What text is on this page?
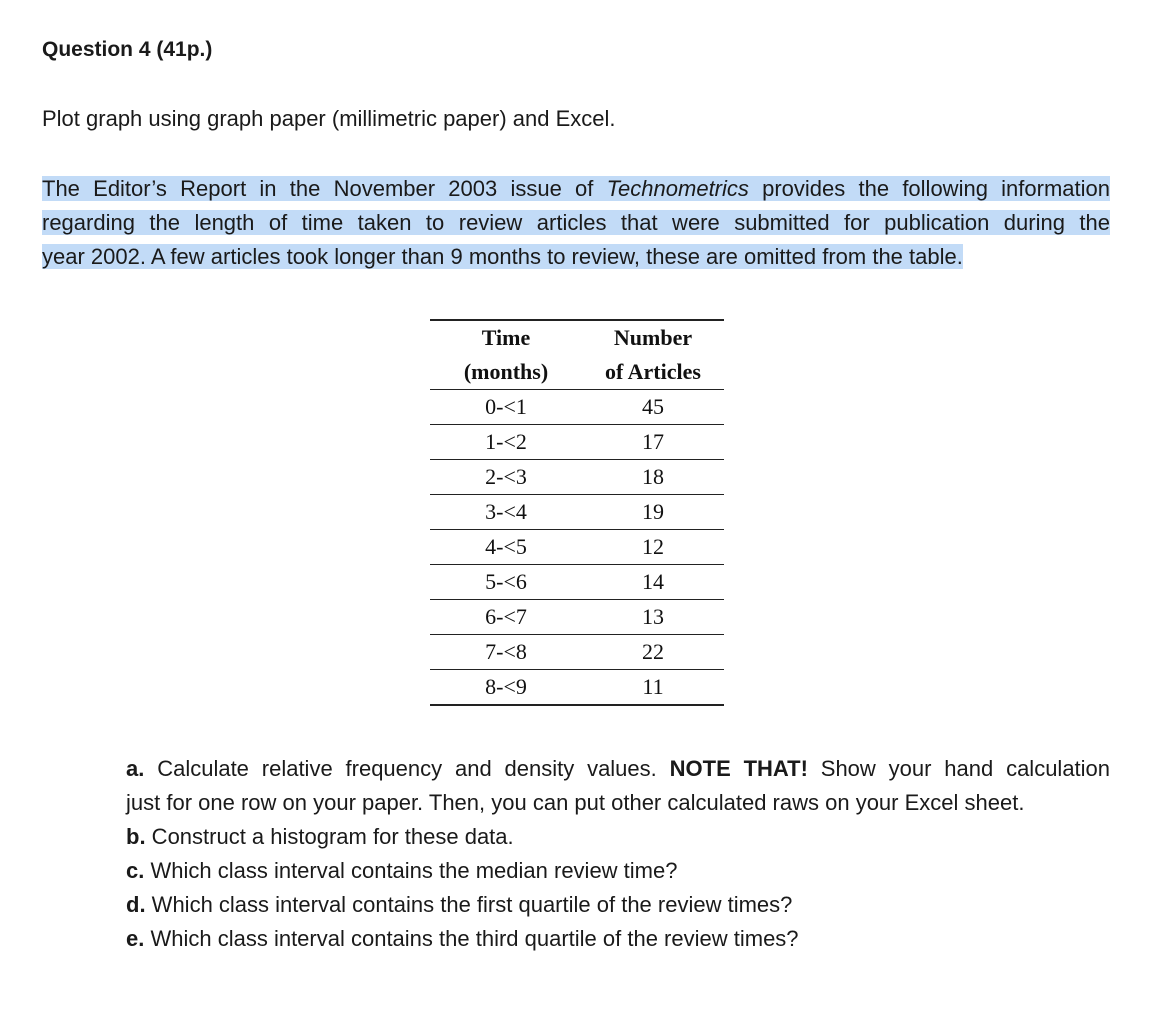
Question 4 (41p.)

Plot graph using graph paper (millimetric paper) and Excel.

The Editor’s Report in the November 2003 issue of Technometrics provides the following information
regarding the length of time taken to review articles that were submitted for publication during the
year 2002. A few articles took longer than 9 months to review, these are omitted from the table.
Time	Number
(months)	of Articles
0-<1	45
1-<2	17
2-<3	18
3-<4	19
4-<5	12
5-<6	14
6-<7	13
7-<8	22
8-<9	11
a. Calculate relative frequency and density values. NOTE THAT! Show your hand calculation
just for one row on your paper. Then, you can put other calculated raws on your Excel sheet.
b. Construct a histogram for these data.
c. Which class interval contains the median review time?
d. Which class interval contains the first quartile of the review times?
e. Which class interval contains the third quartile of the review times?
